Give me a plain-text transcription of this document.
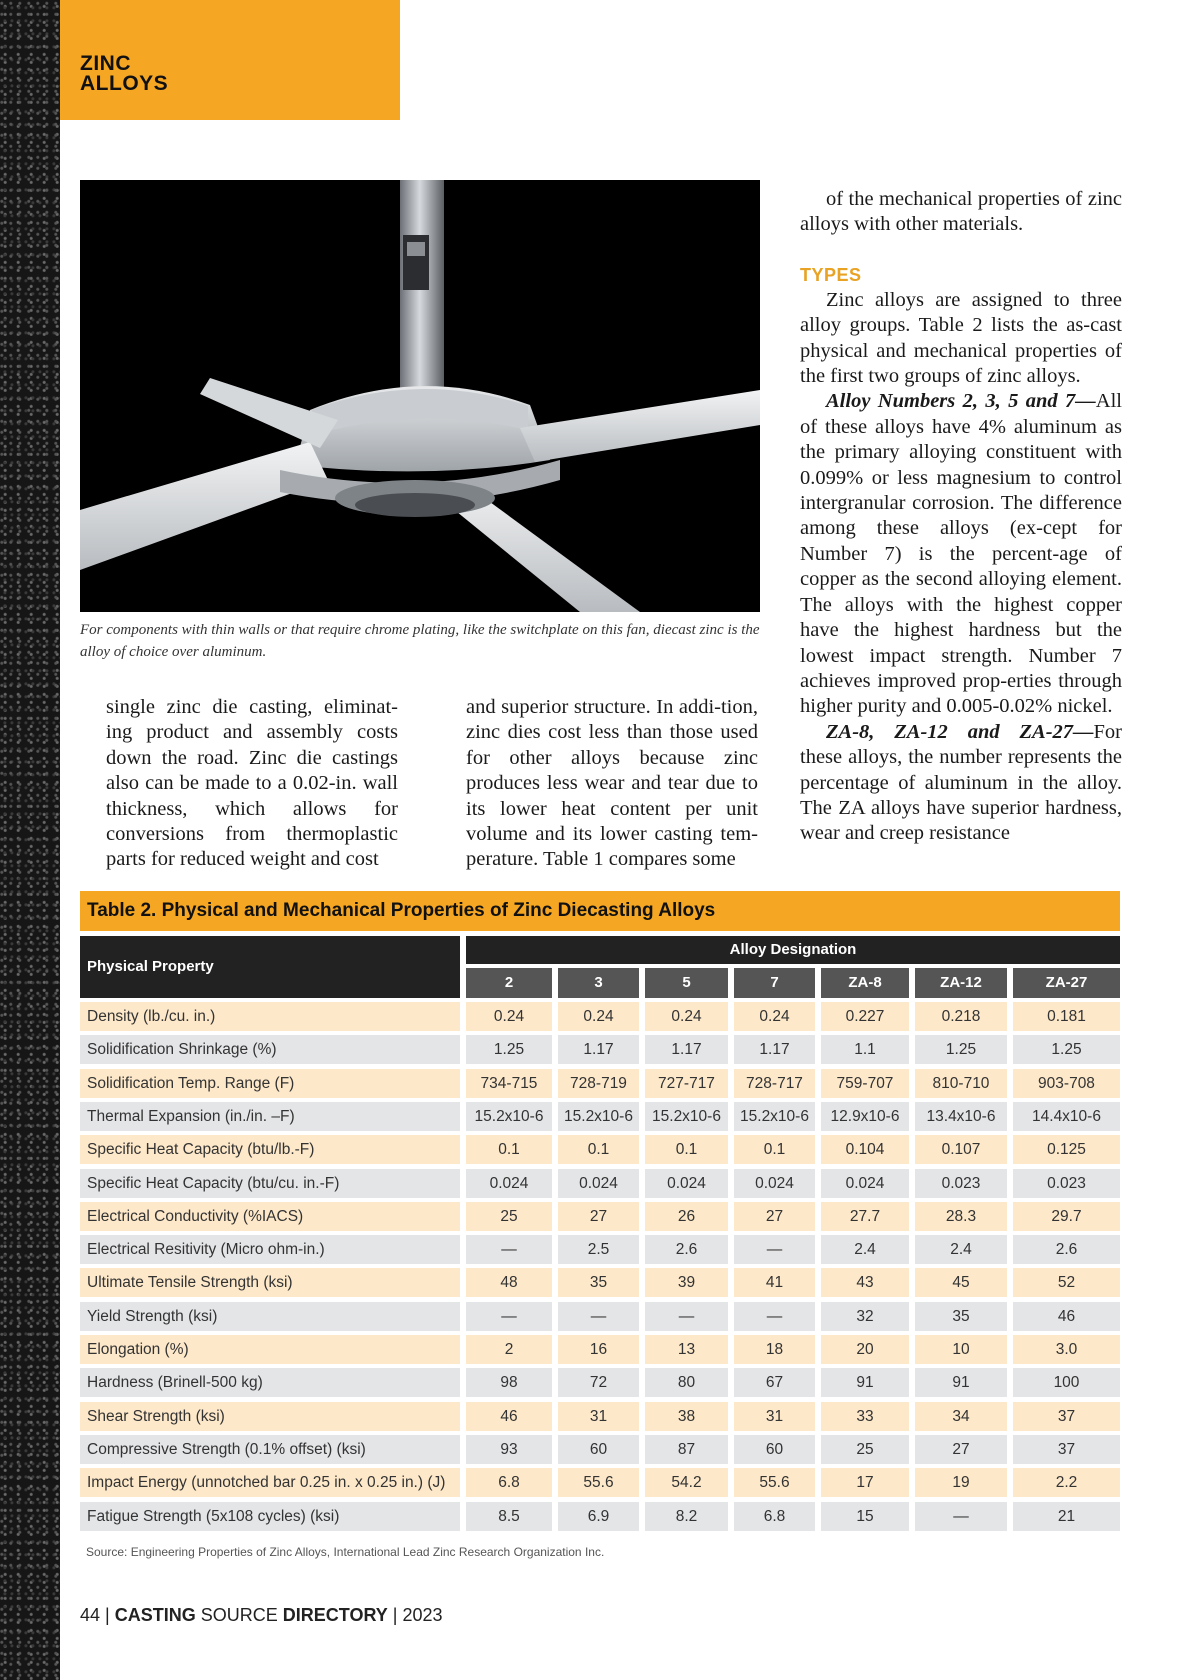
ZINC
ALLOYS

For components with thin walls or that require chrome plating, like the switchplate on this fan, diecast zinc is the alloy of choice over aluminum.

single zinc die casting, eliminat-ing product and assembly costs down the road. Zinc die castings also can be made to a 0.02-in. wall thickness, which allows for conversions from thermoplastic parts for reduced weight and cost

and superior structure. In addi-tion, zinc dies cost less than those used for other alloys because zinc produces less wear and tear due to its lower heat content per unit volume and its lower casting tem-perature. Table 1 compares some

of the mechanical properties of zinc alloys with other materials.

TYPES

Zinc alloys are assigned to three alloy groups. Table 2 lists the as-cast physical and mechanical properties of the first two groups of zinc alloys.

Alloy Numbers 2, 3, 5 and 7—All of these alloys have 4% aluminum as the primary alloying constituent with 0.099% or less magnesium to control intergranular corrosion. The difference among these alloys (ex-cept for Number 7) is the percent-age of copper as the second alloying element. The alloys with the highest copper have the highest hardness but the lowest impact strength. Number 7 achieves improved prop-erties through higher purity and 0.005-0.02% nickel.

ZA-8, ZA-12 and ZA-27—For these alloys, the number represents the percentage of aluminum in the alloy. The ZA alloys have superior hardness, wear and creep resistance

Table 2. Physical and Mechanical Properties of Zinc Diecasting Alloys
Physical Property
Alloy Designation
2	3	5	7	ZA-8	ZA-12	ZA-27
Density (lb./cu. in.)	0.24	0.24	0.24	0.24	0.227	0.218	0.181
Solidification Shrinkage (%)	1.25	1.17	1.17	1.17	1.1	1.25	1.25
Solidification Temp. Range (F)	734-715	728-719	727-717	728-717	759-707	810-710	903-708
Thermal Expansion (in./in. –F)	15.2x10-6	15.2x10-6	15.2x10-6	15.2x10-6	12.9x10-6	13.4x10-6	14.4x10-6
Specific Heat Capacity (btu/lb.-F)	0.1	0.1	0.1	0.1	0.104	0.107	0.125
Specific Heat Capacity (btu/cu. in.-F)	0.024	0.024	0.024	0.024	0.024	0.023	0.023
Electrical Conductivity (%IACS)	25	27	26	27	27.7	28.3	29.7
Electrical Resitivity (Micro ohm-in.)	—	2.5	2.6	—	2.4	2.4	2.6
Ultimate Tensile Strength (ksi)	48	35	39	41	43	45	52
Yield Strength (ksi)	—	—	—	—	32	35	46
Elongation (%)	2	16	13	18	20	10	3.0
Hardness (Brinell-500 kg)	98	72	80	67	91	91	100
Shear Strength (ksi)	46	31	38	31	33	34	37
Compressive Strength (0.1% offset) (ksi)	93	60	87	60	25	27	37
Impact Energy (unnotched bar 0.25 in. x 0.25 in.) (J)	6.8	55.6	54.2	55.6	17	19	2.2
Fatigue Strength (5x108 cycles) (ksi)	8.5	6.9	8.2	6.8	15	—	21
Source: Engineering Properties of Zinc Alloys, International Lead Zinc Research Organization Inc.
44 | CASTING SOURCE DIRECTORY | 2023
